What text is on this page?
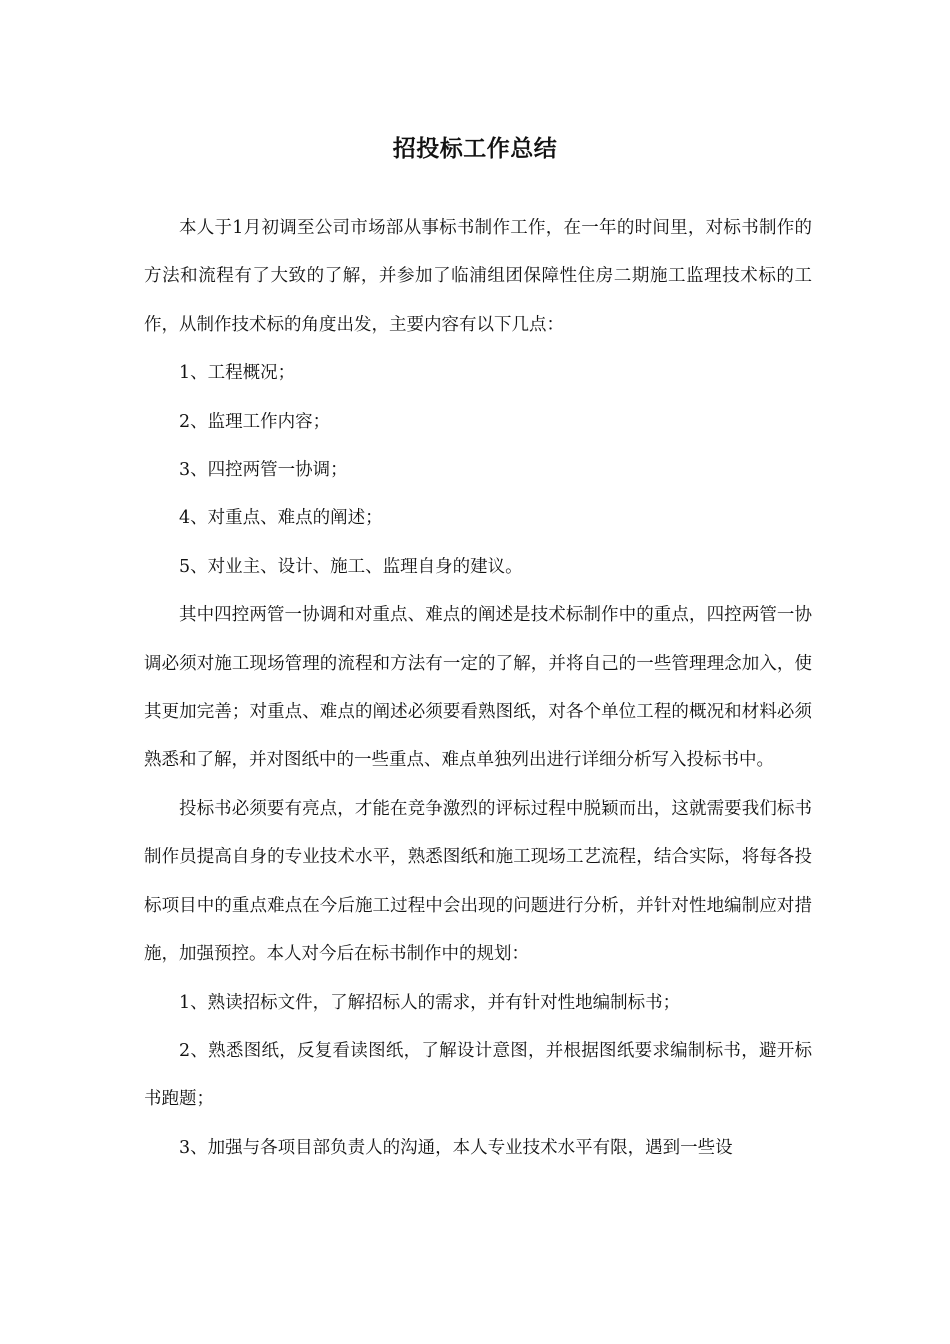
招投标工作总结

本人于1月初调至公司市场部从事标书制作工作，在一年的时间里，对标书制作的方法和流程有了大致的了解，并参加了临浦组团保障性住房二期施工监理技术标的工作，从制作技术标的角度出发，主要内容有以下几点：

1、工程概况；

2、监理工作内容；

3、四控两管一协调；

4、对重点、难点的阐述；

5、对业主、设计、施工、监理自身的建议。

其中四控两管一协调和对重点、难点的阐述是技术标制作中的重点，四控两管一协调必须对施工现场管理的流程和方法有一定的了解，并将自己的一些管理理念加入，使其更加完善；对重点、难点的阐述必须要看熟图纸，对各个单位工程的概况和材料必须熟悉和了解，并对图纸中的一些重点、难点单独列出进行详细分析写入投标书中。

投标书必须要有亮点，才能在竞争激烈的评标过程中脱颖而出，这就需要我们标书制作员提高自身的专业技术水平，熟悉图纸和施工现场工艺流程，结合实际，将每各投标项目中的重点难点在今后施工过程中会出现的问题进行分析，并针对性地编制应对措施，加强预控。本人对今后在标书制作中的规划：

1、熟读招标文件，了解招标人的需求，并有针对性地编制标书；

2、熟悉图纸，反复看读图纸，了解设计意图，并根据图纸要求编制标书，避开标书跑题；

3、加强与各项目部负责人的沟通，本人专业技术水平有限，遇到一些设
